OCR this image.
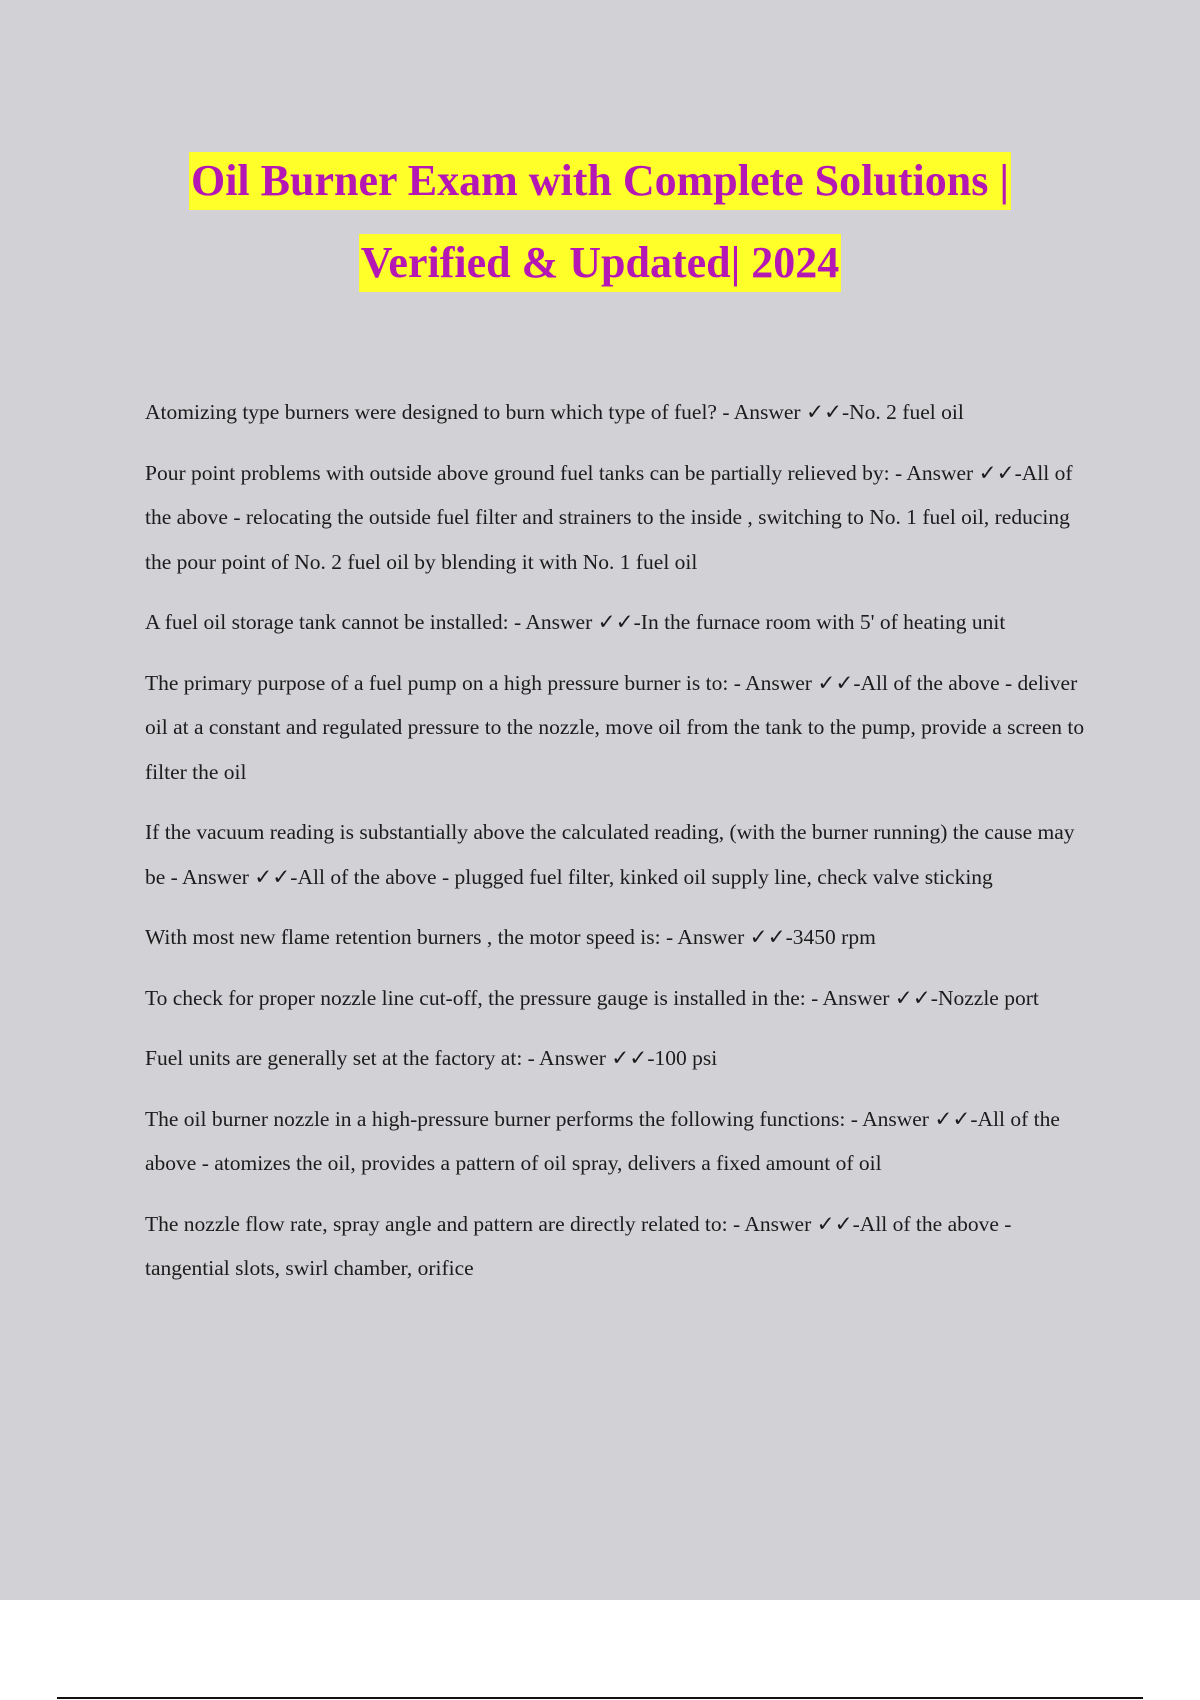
Oil Burner Exam with Complete Solutions |
Verified & Updated| 2024

Atomizing type burners were designed to burn which type of fuel? - Answer ✓✓-No. 2 fuel oil

Pour point problems with outside above ground fuel tanks can be partially relieved by: - Answer ✓✓-All of the above - relocating the outside fuel filter and strainers to the inside , switching to No. 1 fuel oil, reducing the pour point of No. 2 fuel oil by blending it with No. 1 fuel oil

A fuel oil storage tank cannot be installed: - Answer ✓✓-In the furnace room with 5' of heating unit

The primary purpose of a fuel pump on a high pressure burner is to: - Answer ✓✓-All of the above - deliver oil at a constant and regulated pressure to the nozzle, move oil from the tank to the pump, provide a screen to filter the oil

If the vacuum reading is substantially above the calculated reading, (with the burner running) the cause may be - Answer ✓✓-All of the above - plugged fuel filter, kinked oil supply line, check valve sticking

With most new flame retention burners , the motor speed is: - Answer ✓✓-3450 rpm

To check for proper nozzle line cut-off, the pressure gauge is installed in the: - Answer ✓✓-Nozzle port

Fuel units are generally set at the factory at: - Answer ✓✓-100 psi

The oil burner nozzle in a high-pressure burner performs the following functions: - Answer ✓✓-All of the above - atomizes the oil, provides a pattern of oil spray, delivers a fixed amount of oil

The nozzle flow rate, spray angle and pattern are directly related to: - Answer ✓✓-All of the above - tangential slots, swirl chamber, orifice
